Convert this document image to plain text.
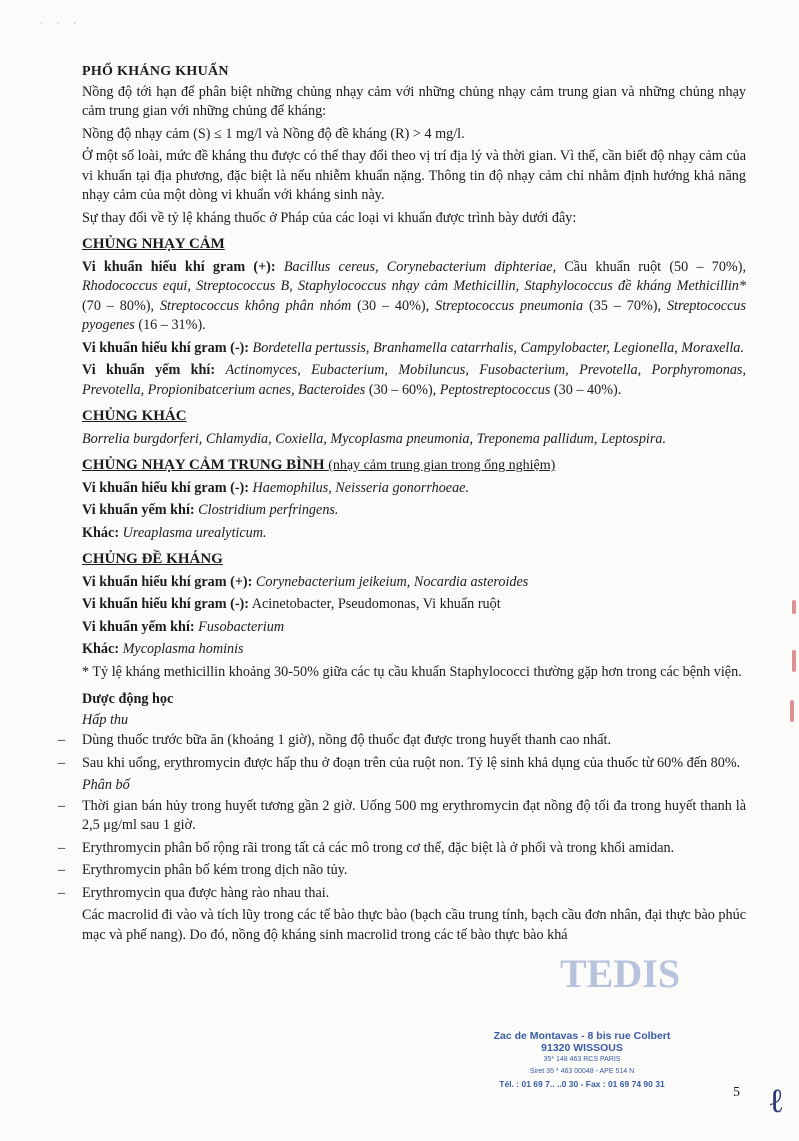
· · ·

PHỔ KHÁNG KHUẨN

Nồng độ tới hạn để phân biệt những chủng nhạy cảm với những chủng nhạy cảm trung gian và những chủng nhạy cảm trung gian với những chủng để kháng:

Nồng độ nhạy cảm (S) ≤ 1 mg/l và Nồng độ đề kháng (R) > 4 mg/l.

Ở một số loài, mức đề kháng thu được có thể thay đổi theo vị trí địa lý và thời gian. Vì thế, cần biết độ nhạy cảm của vi khuẩn tại địa phương, đặc biệt là nếu nhiễm khuẩn nặng. Thông tin độ nhạy cảm chỉ nhằm định hướng khả năng nhạy cảm của một dòng vi khuẩn với kháng sinh này.

Sự thay đổi về tỷ lệ kháng thuốc ở Pháp của các loại vi khuẩn được trình bày dưới đây:

CHỦNG NHẠY CẢM

Vi khuẩn hiếu khí gram (+): Bacillus cereus, Corynebacterium diphteriae, Cầu khuẩn ruột (50 – 70%), Rhodococcus equi, Streptococcus B, Staphylococcus nhạy cảm Methicillin, Staphylococcus đề kháng Methicillin* (70 – 80%), Streptococcus không phân nhóm (30 – 40%), Streptococcus pneumonia (35 – 70%), Streptococcus pyogenes (16 – 31%).

Vi khuẩn hiếu khí gram (-): Bordetella pertussis, Branhamella catarrhalis, Campylobacter, Legionella, Moraxella.

Vi khuẩn yếm khí: Actinomyces, Eubacterium, Mobiluncus, Fusobacterium, Prevotella, Porphyromonas, Prevotella, Propionibatcerium acnes, Bacteroides (30 – 60%), Peptostreptococcus (30 – 40%).

CHỦNG KHÁC

Borrelia burgdorferi, Chlamydia, Coxiella, Mycoplasma pneumonia, Treponema pallidum, Leptospira.

CHỦNG NHẠY CẢM TRUNG BÌNH (nhạy cảm trung gian trong ống nghiệm)

Vi khuẩn hiếu khí gram (-): Haemophilus, Neisseria gonorrhoeae.

Vi khuẩn yếm khí: Clostridium perfringens.

Khác: Ureaplasma urealyticum.

CHỦNG ĐỀ KHÁNG

Vi khuẩn hiếu khí gram (+): Corynebacterium jeikeium, Nocardia asteroides

Vi khuẩn hiếu khí gram (-): Acinetobacter, Pseudomonas, Vi khuẩn ruột

Vi khuẩn yếm khí: Fusobacterium

Khác: Mycoplasma hominis

* Tỷ lệ kháng methicillin khoảng 30-50% giữa các tụ cầu khuẩn Staphylococci thường gặp hơn trong các bệnh viện.

Dược động học

Hấp thu

– Dùng thuốc trước bữa ăn (khoảng 1 giờ), nồng độ thuốc đạt được trong huyết thanh cao nhất.

– Sau khi uống, erythromycin được hấp thu ở đoạn trên của ruột non. Tỷ lệ sinh khả dụng của thuốc từ 60% đến 80%.

Phân bố

– Thời gian bán hủy trong huyết tương gần 2 giờ. Uống 500 mg erythromycin đạt nồng độ tối đa trong huyết thanh là 2,5 μg/ml sau 1 giờ.

– Erythromycin phân bố rộng rãi trong tất cả các mô trong cơ thể, đặc biệt là ở phổi và trong khối amidan.

– Erythromycin phân bố kém trong dịch não tủy.

– Erythromycin qua được hàng rào nhau thai.

Các macrolid đi vào và tích lũy trong các tế bào thực bào (bạch cầu trung tính, bạch cầu đơn nhân, đại thực bào phúc mạc và phế nang). Do đó, nồng độ kháng sinh macrolid trong các tế bào thực bào khá

TEDIS
Zac de Montavas - 8 bis rue Colbert
91320 WISSOUS
35* 148 463 RCS PARIS
Siret 35 * 463 00048 - APE 514 N
Tél. : 01 69 7.. ..0 30 - Fax : 01 69 74 90 31
5 ℓ
